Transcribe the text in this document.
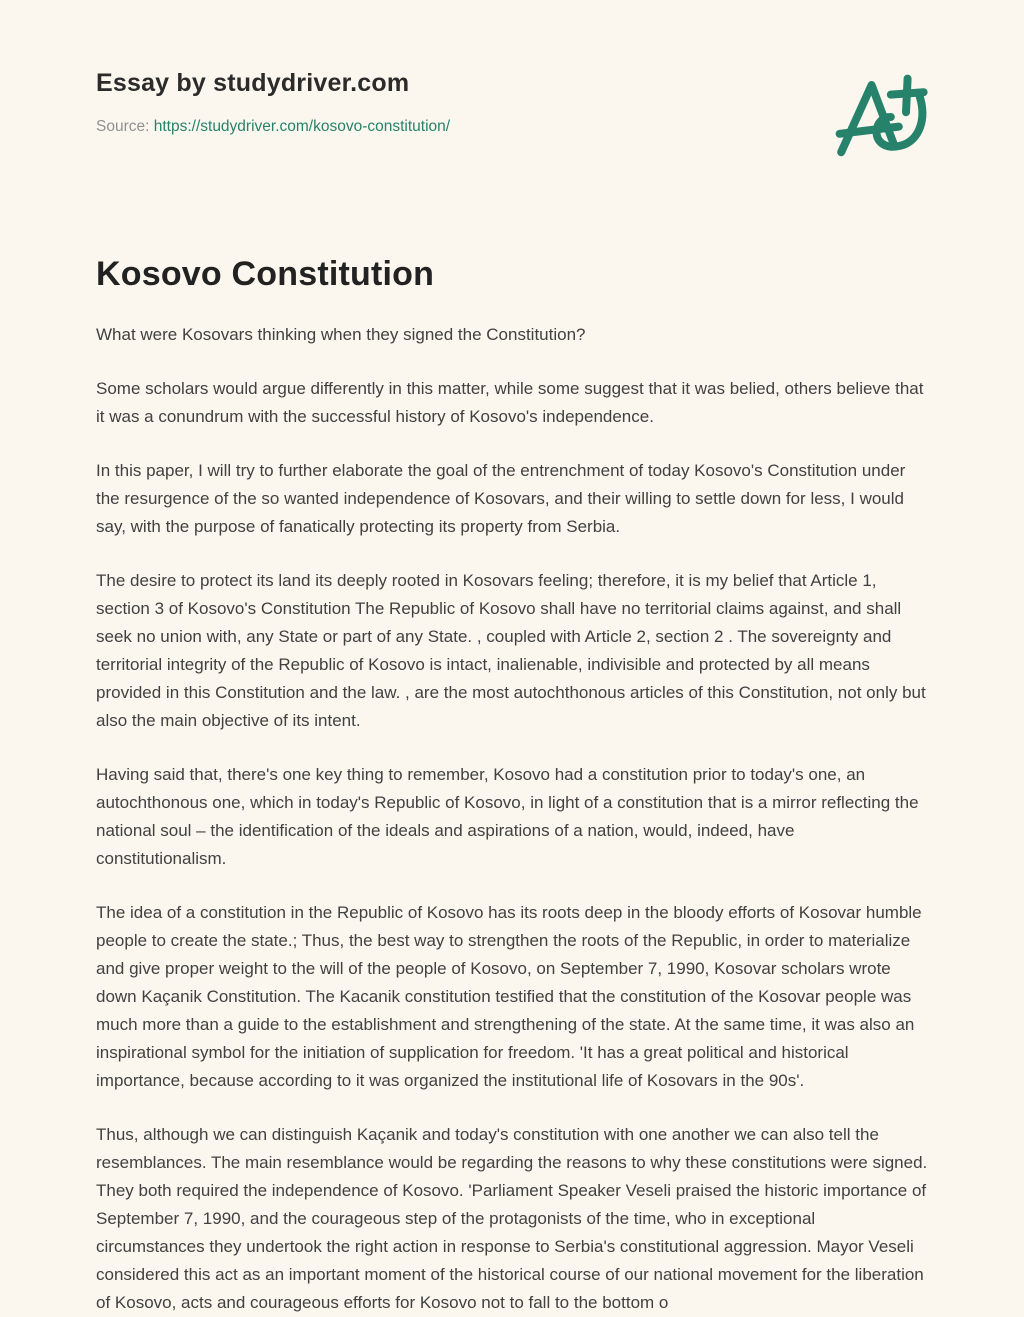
Essay by studydriver.com
Source: https://studydriver.com/kosovo-constitution/
Kosovo Constitution

What were Kosovars thinking when they signed the Constitution?

Some scholars would argue differently in this matter, while some suggest that it was belied, others believe that it was a conundrum with the successful history of Kosovo's independence.

In this paper, I will try to further elaborate the goal of the entrenchment of today Kosovo's Constitution under the resurgence of the so wanted independence of Kosovars, and their willing to settle down for less, I would say, with the purpose of fanatically protecting its property from Serbia.

The desire to protect its land its deeply rooted in Kosovars feeling; therefore, it is my belief that Article 1, section 3 of Kosovo's Constitution The Republic of Kosovo shall have no territorial claims against, and shall seek no union with, any State or part of any State. , coupled with Article 2, section 2 . The sovereignty and territorial integrity of the Republic of Kosovo is intact, inalienable, indivisible and protected by all means provided in this Constitution and the law. , are the most autochthonous articles of this Constitution, not only but also the main objective of its intent.

Having said that, there's one key thing to remember, Kosovo had a constitution prior to today's one, an autochthonous one, which in today's Republic of Kosovo, in light of a constitution that is a mirror reflecting the national soul – the identification of the ideals and aspirations of a nation, would, indeed, have constitutionalism.

The idea of a constitution in the Republic of Kosovo has its roots deep in the bloody efforts of Kosovar humble people to create the state.; Thus, the best way to strengthen the roots of the Republic, in order to materialize and give proper weight to the will of the people of Kosovo, on September 7, 1990, Kosovar scholars wrote down Kaçanik Constitution. The Kacanik constitution testified that the constitution of the Kosovar people was much more than a guide to the establishment and strengthening of the state. At the same time, it was also an inspirational symbol for the initiation of supplication for freedom. 'It has a great political and historical importance, because according to it was organized the institutional life of Kosovars in the 90s'.

Thus, although we can distinguish Kaçanik and today's constitution with one another we can also tell the resemblances. The main resemblance would be regarding the reasons to why these constitutions were signed. They both required the independence of Kosovo. 'Parliament Speaker Veseli praised the historic importance of September 7, 1990, and the courageous step of the protagonists of the time, who in exceptional circumstances they undertook the right action in response to Serbia's constitutional aggression. Mayor Veseli considered this act as an important moment of the historical course of our national movement for the liberation of Kosovo, acts and courageous efforts for Kosovo not to fall to the bottom o
